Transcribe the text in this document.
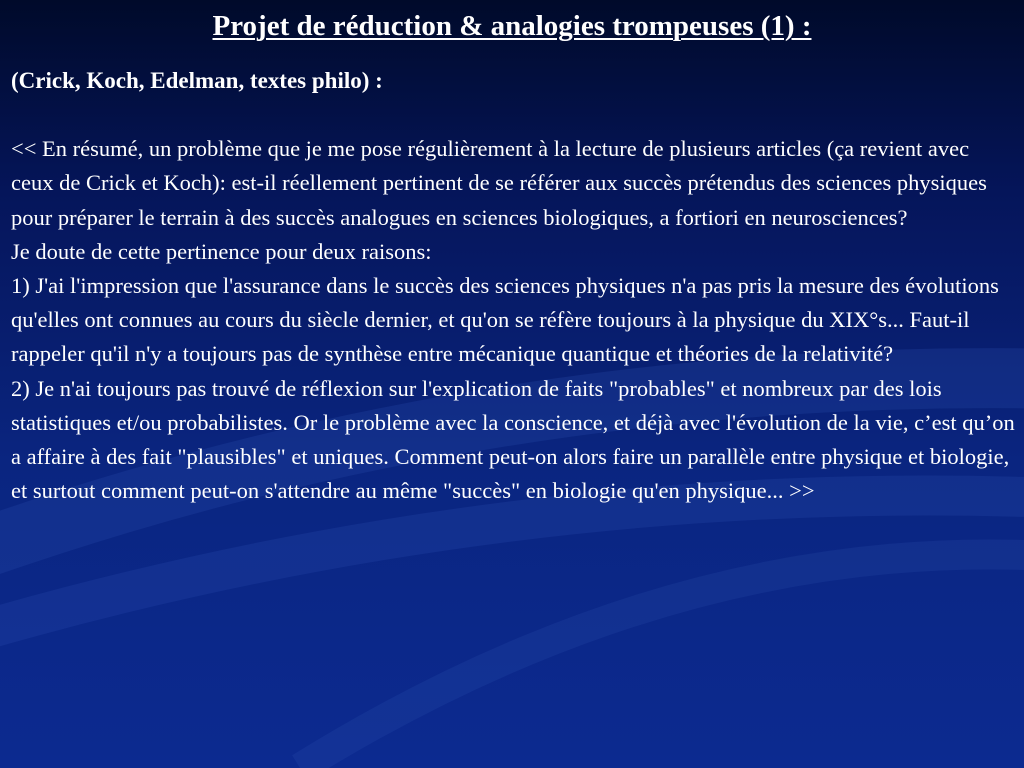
Projet de réduction & analogies trompeuses (1) :

(Crick, Koch, Edelman, textes philo) :

<< En résumé, un problème que je me pose régulièrement à la lecture de plusieurs articles (ça revient avec ceux de Crick et Koch): est-il réellement pertinent de se référer aux succès prétendus des sciences physiques pour préparer le terrain à des succès analogues en sciences biologiques, a fortiori en neurosciences?

Je doute de cette pertinence pour deux raisons:

1) J'ai l'impression que l'assurance dans le succès des sciences physiques n'a pas pris la mesure des évolutions qu'elles ont connues au cours du siècle dernier, et qu'on se réfère toujours à la physique du XIX°s... Faut-il rappeler qu'il n'y a toujours pas de synthèse entre mécanique quantique et théories de la relativité?

2) Je n'ai toujours pas trouvé de réflexion sur l'explication de faits "probables" et nombreux par des lois statistiques et/ou probabilistes. Or le problème avec la conscience, et déjà avec l'évolution de la vie, c’est qu’on a affaire à des fait "plausibles" et uniques. Comment peut-on alors faire un parallèle entre physique et biologie, et surtout comment peut-on s'attendre au même "succès" en biologie qu'en physique... >>
